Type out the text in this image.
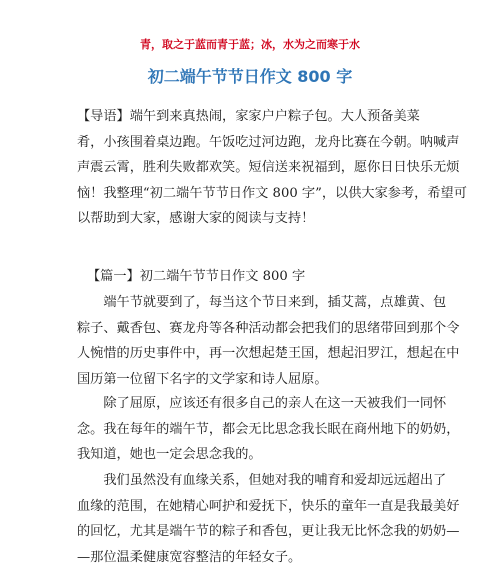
青，取之于蓝而青于蓝；冰，水为之而寒于水
初二端午节节日作文 800 字
【导语】端午到来真热闹，家家户户粽子包。大人预备美菜
肴，小孩围着桌边跑。午饭吃过河边跑，龙舟比赛在今朝。呐喊声
声震云霄，胜利失败都欢笑。短信送来祝福到，愿你日日快乐无烦
恼！我整理“初二端午节节日作文 800 字”，以供大家参考，希望可
以帮助到大家，感谢大家的阅读与支持！
【篇一】初二端午节节日作文 800 字
　　端午节就要到了，每当这个节日来到，插艾蒿，点雄黄、包
粽子、戴香包、赛龙舟等各种活动都会把我们的思绪带回到那个令
人惋惜的历史事件中，再一次想起楚王国，想起汨罗江，想起在中
国历第一位留下名字的文学家和诗人屈原。
　　除了屈原，应该还有很多自己的亲人在这一天被我们一同怀
念。我在每年的端午节，都会无比思念我长眠在商州地下的奶奶，
我知道，她也一定会思念我的。
　　我们虽然没有血缘关系，但她对我的哺育和爱却远远超出了
血缘的范围，在她精心呵护和爱抚下，快乐的童年一直是我最美好
的回忆，尤其是端午节的粽子和香包，更让我无比怀念我的奶奶—
—那位温柔健康宽容整洁的年轻女子。
